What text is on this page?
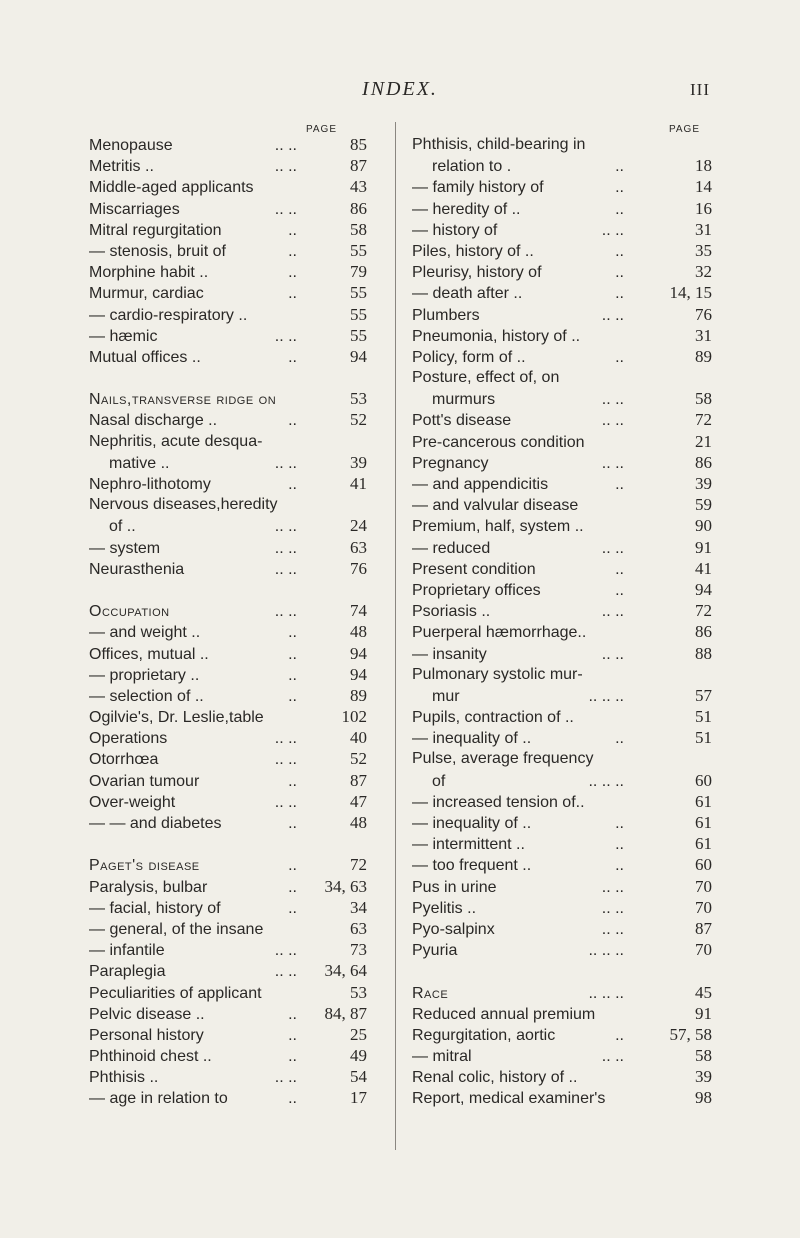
INDEX.	III
PAGE
Menopause	.. ..	85
Metritis ..	.. ..	87
Middle-aged applicants	43
Miscarriages	.. ..	86
Mitral regurgitation	..	58
— stenosis, bruit of	..	55
Morphine habit ..	..	79
Murmur, cardiac	..	55
— cardio-respiratory ..	55
— hæmic	.. ..	55
Mutual offices ..	..	94
Nails,transverse ridge on	53
Nasal discharge ..	..	52
Nephritis, acute desqua-
mative ..	.. ..	39
Nephro-lithotomy	..	41
Nervous diseases,heredity
of ..	.. ..	24
— system	.. ..	63
Neurasthenia	.. ..	76
Occupation	.. ..	74
— and weight ..	..	48
Offices, mutual ..	..	94
— proprietary ..	..	94
— selection of ..	..	89
Ogilvie's, Dr. Leslie,table	102
Operations	.. ..	40
Otorrhœa	.. ..	52
Ovarian tumour	..	87
Over-weight	.. ..	47
— — and diabetes	..	48
Paget's disease	..	72
Paralysis, bulbar	..	34, 63
— facial, history of	..	34
— general, of the insane	63
— infantile	.. ..	73
Paraplegia	.. ..	34, 64
Peculiarities of applicant	53
Pelvic disease ..	..	84, 87
Personal history	..	25
Phthinoid chest ..	..	49
Phthisis ..	.. ..	54
— age in relation to	..	17
PAGE
Phthisis, child-bearing in
relation to .	..	18
— family history of	..	14
— heredity of ..	..	16
— history of	.. ..	31
Piles, history of ..	..	35
Pleurisy, history of	..	32
— death after ..	..	14, 15
Plumbers	.. ..	76
Pneumonia, history of ..	31
Policy, form of ..	..	89
Posture, effect of, on
murmurs	.. ..	58
Pott's disease	.. ..	72
Pre-cancerous condition	21
Pregnancy	.. ..	86
— and appendicitis	..	39
— and valvular disease	59
Premium, half, system ..	90
— reduced	.. ..	91
Present condition	..	41
Proprietary offices	..	94
Psoriasis ..	.. ..	72
Puerperal hæmorrhage..	86
— insanity	.. ..	88
Pulmonary systolic mur-
mur	.. .. ..	57
Pupils, contraction of ..	51
— inequality of ..	..	51
Pulse, average frequency
of	.. .. ..	60
— increased tension of..	61
— inequality of ..	..	61
— intermittent ..	..	61
— too frequent ..	..	60
Pus in urine	.. ..	70
Pyelitis ..	.. ..	70
Pyo-salpinx	.. ..	87
Pyuria	.. .. ..	70
Race	.. .. ..	45
Reduced annual premium	91
Regurgitation, aortic	..	57, 58
— mitral	.. ..	58
Renal colic, history of ..	39
Report, medical examiner's	98
